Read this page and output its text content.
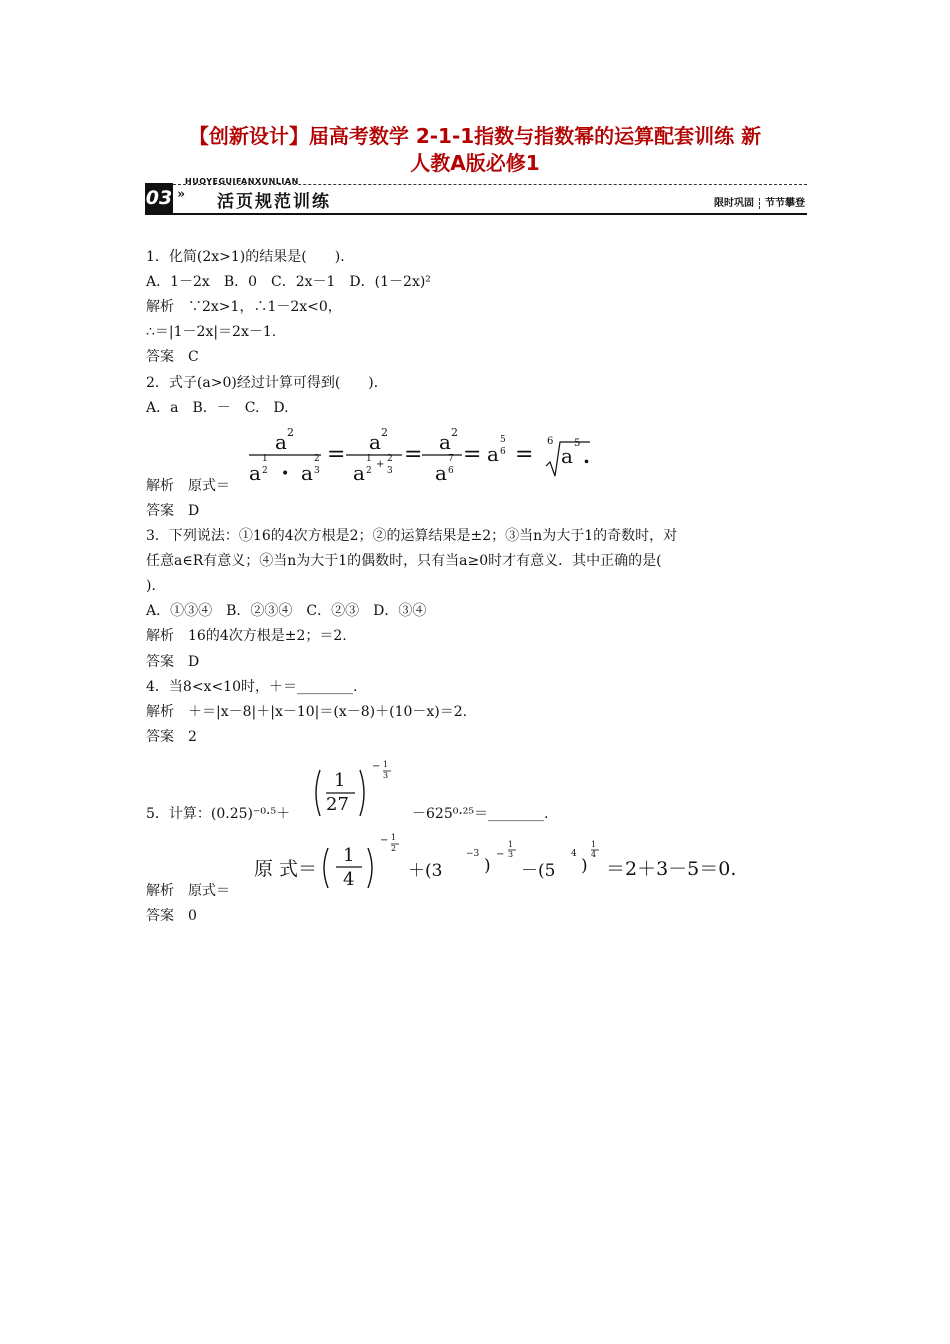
【创新设计】届高考数学 2-1-1指数与指数幂的运算配套训练 新
人教A版必修1
HUOYEGUIFANXUNLIAN
03 » 活页规范训练	限时巩固 节节攀登
1．化简(2x>1)的结果是(　　)．
A．1－2x　B．0　C．2x－1　D．(1－2x)²
解析　∵2x>1，∴1－2x<0，
∴＝|1－2x|＝2x－1.
答案　C
2．式子(a>0)经过计算可得到(　　)．
A．a　B．－　C.　D.
a 2
a
1
2 • a
2
3
= a 2
a
1
2
+ 2
3
= a 2
a
7
6
= a
5
6 =
6
a
5
.
解析　原式＝
答案　D
3．下列说法：①16的4次方根是2；②的运算结果是±2；③当n为大于1的奇数时，对
任意a∈R有意义；④当n为大于1的偶数时，只有当a≥0时才有意义．其中正确的是(
)．
A．①③④　B．②③④　C．②③　D．③④
解析　16的4次方根是±2；＝2.
答案　D
4．当8<x<10时，＋＝________.
解析　＋＝|x－8|＋|x－10|＝(x－8)＋(10－x)＝2.
答案　2
5．计算：(0.25)⁻⁰·⁵＋
1
27
− 1
3
－625⁰·²⁵＝________.
原 式＝
1
4
− 1
2
＋(3
−3
)
−
1
3
－(5
4
)
1
4
＝2＋3－5＝0.
解析　原式＝
答案　0
